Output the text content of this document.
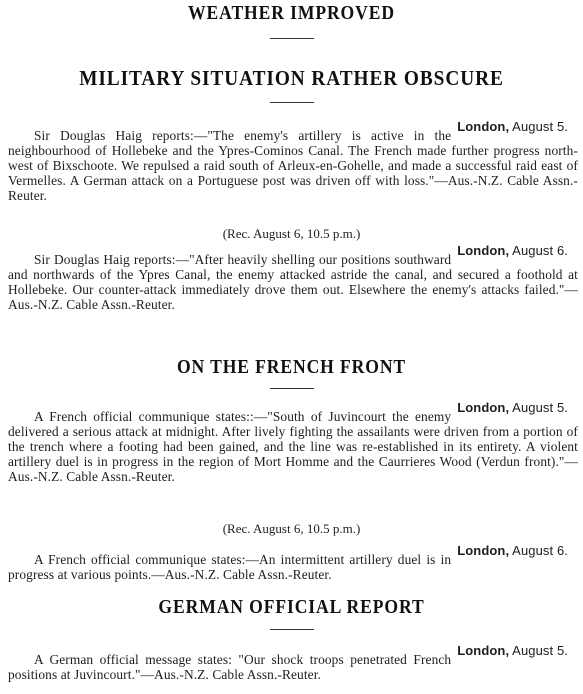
WEATHER IMPROVED
MILITARY SITUATION RATHER OBSCURE
London, August 5.
Sir Douglas Haig reports:—"The enemy's artillery is active in the neighbourhood of Hollebeke and the Ypres-Cominos Canal. The French made further progress north-west of Bixschoote. We repulsed a raid south of Arleux-en-Gohelle, and made a successful raid east of Vermelles. A German attack on a Portuguese post was driven off with loss."—Aus.-N.Z. Cable Assn.-Reuter.
(Rec. August 6, 10.5 p.m.)
London, August 6.
Sir Douglas Haig reports:—"After heavily shelling our positions southward and northwards of the Ypres Canal, the enemy attacked astride the canal, and secured a foothold at Hollebeke. Our counter-attack immediately drove them out. Elsewhere the enemy's attacks failed."—Aus.-N.Z. Cable Assn.-Reuter.
ON THE FRENCH FRONT
London, August 5.
A French official communique states::—"South of Juvincourt the enemy delivered a serious attack at midnight. After lively fighting the assailants were driven from a portion of the trench where a footing had been gained, and the line was re-established in its entirety. A violent artillery duel is in progress in the region of Mort Homme and the Caurrieres Wood (Verdun front)."—Aus.-N.Z. Cable Assn.-Reuter.
(Rec. August 6, 10.5 p.m.)
London, August 6.
A French official communique states:—An intermittent artillery duel is in progress at various points.—Aus.-N.Z. Cable Assn.-Reuter.
GERMAN OFFICIAL REPORT
London, August 5.
A German official message states: "Our shock troops penetrated French positions at Juvincourt."—Aus.-N.Z. Cable Assn.-Reuter.
